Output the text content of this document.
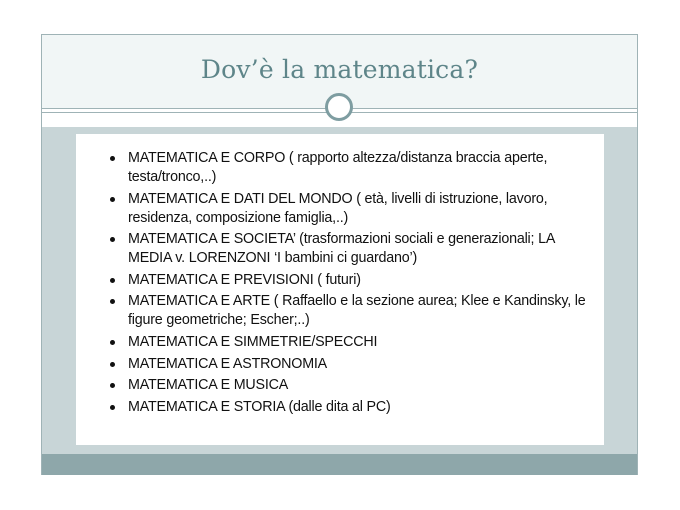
Dov’è la matematica?
MATEMATICA E CORPO ( rapporto altezza/distanza braccia aperte, testa/tronco,..)
MATEMATICA E DATI DEL MONDO ( età, livelli di istruzione, lavoro, residenza, composizione famiglia,..)
MATEMATICA E SOCIETA’ (trasformazioni sociali e generazionali; LA MEDIA v. LORENZONI ‘I bambini ci guardano’)
MATEMATICA E PREVISIONI ( futuri)
MATEMATICA E ARTE ( Raffaello e la sezione aurea; Klee e Kandinsky, le figure geometriche; Escher;..)
MATEMATICA E SIMMETRIE/SPECCHI
MATEMATICA E ASTRONOMIA
MATEMATICA E MUSICA
MATEMATICA E STORIA (dalle dita al PC)
